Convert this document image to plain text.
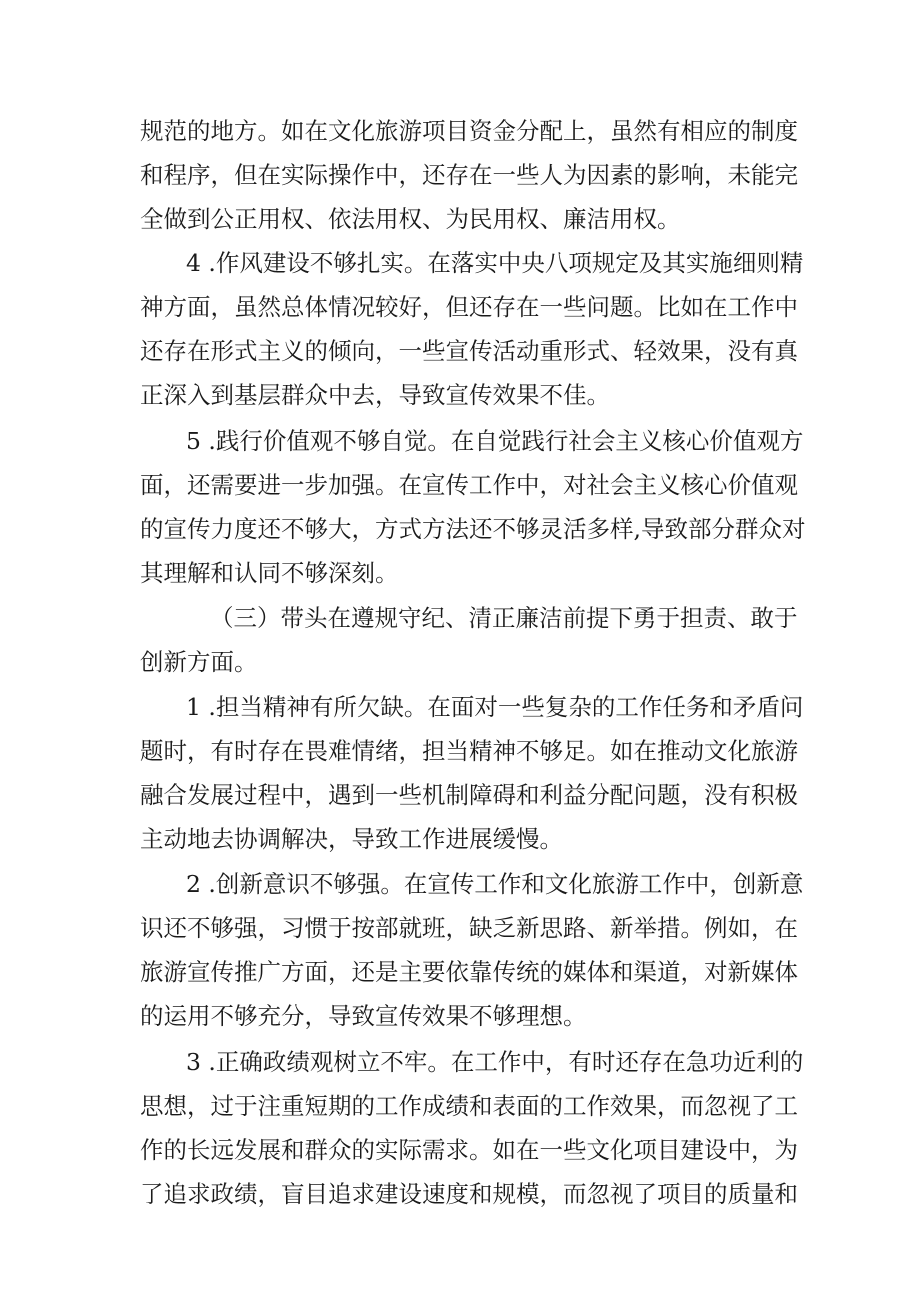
规范的地方。如在文化旅游项目资金分配上，虽然有相应的制度
和程序，但在实际操作中，还存在一些人为因素的影响，未能完
全做到公正用权、依法用权、为民用权、廉洁用权。
4 .作风建设不够扎实。在落实中央八项规定及其实施细则精
神方面，虽然总体情况较好，但还存在一些问题。比如在工作中
还存在形式主义的倾向，一些宣传活动重形式、轻效果，没有真
正深入到基层群众中去，导致宣传效果不佳。
5 .践行价值观不够自觉。在自觉践行社会主义核心价值观方
面，还需要进一步加强。在宣传工作中，对社会主义核心价值观
的宣传力度还不够大，方式方法还不够灵活多样,导致部分群众对
其理解和认同不够深刻。
（三）带头在遵规守纪、清正廉洁前提下勇于担责、敢于
创新方面。
1 .担当精神有所欠缺。在面对一些复杂的工作任务和矛盾问
题时，有时存在畏难情绪，担当精神不够足。如在推动文化旅游
融合发展过程中，遇到一些机制障碍和利益分配问题，没有积极
主动地去协调解决，导致工作进展缓慢。
2 .创新意识不够强。在宣传工作和文化旅游工作中，创新意
识还不够强，习惯于按部就班，缺乏新思路、新举措。例如，在
旅游宣传推广方面，还是主要依靠传统的媒体和渠道，对新媒体
的运用不够充分，导致宣传效果不够理想。
3 .正确政绩观树立不牢。在工作中，有时还存在急功近利的
思想，过于注重短期的工作成绩和表面的工作效果，而忽视了工
作的长远发展和群众的实际需求。如在一些文化项目建设中，为
了追求政绩，盲目追求建设速度和规模，而忽视了项目的质量和
